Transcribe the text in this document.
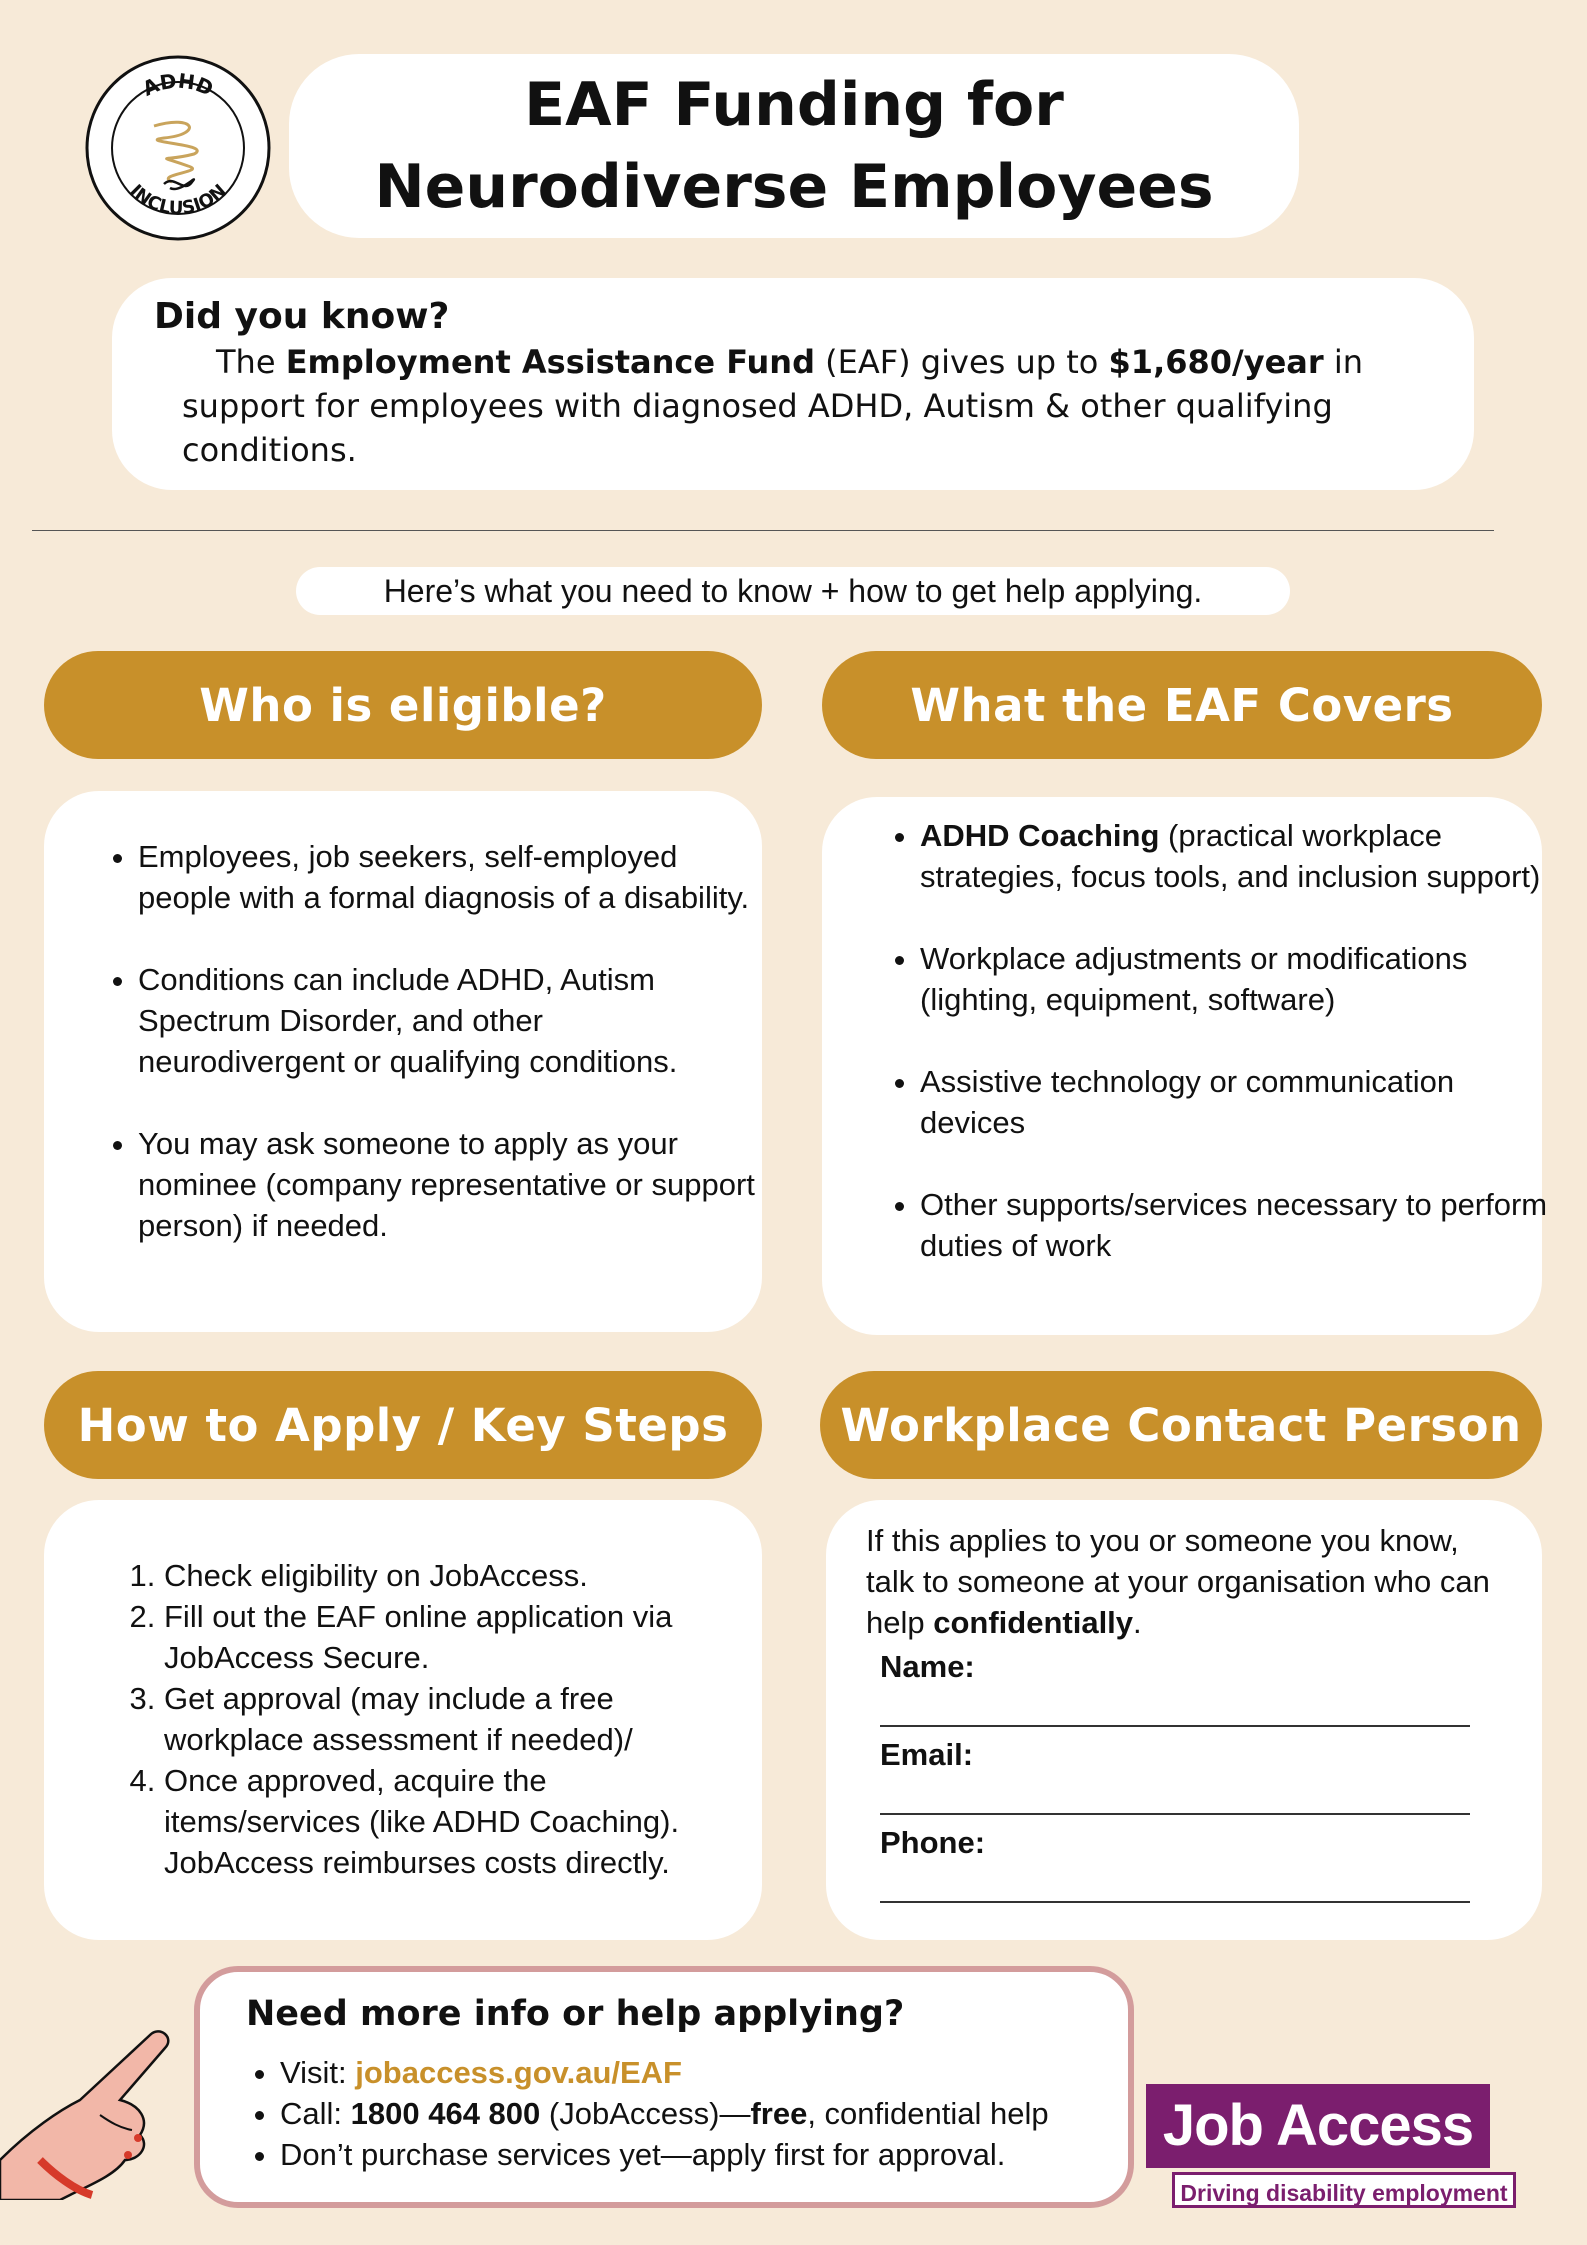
ADHD
INCLUSION
EAF Funding for
Neurodiverse Employees
Did you know?
The Employment Assistance Fund (EAF) gives up to $1,680/year in support for employees with diagnosed ADHD, Autism & other qualifying conditions.
Here’s what you need to know + how to get help applying.
Who is eligible?	What the EAF Covers
• Employees, job seekers, self-employed people with a formal diagnosis of a disability.
• Conditions can include ADHD, Autism Spectrum Disorder, and other neurodivergent or qualifying conditions.
• You may ask someone to apply as your nominee (company representative or support person) if needed.
• ADHD Coaching (practical workplace strategies, focus tools, and inclusion support)
• Workplace adjustments or modifications (lighting, equipment, software)
• Assistive technology or communication devices
• Other supports/services necessary to perform duties of work
How to Apply / Key Steps	Workplace Contact Person
1. Check eligibility on JobAccess.
2. Fill out the EAF online application via JobAccess Secure.
3. Get approval (may include a free workplace assessment if needed)/
4. Once approved, acquire the items/services (like ADHD Coaching). JobAccess reimburses costs directly.
If this applies to you or someone you know, talk to someone at your organisation who can help confidentially.
Name:
Email:
Phone:
Need more info or help applying?
• Visit: jobaccess.gov.au/EAF
• Call: 1800 464 800 (JobAccess)—free, confidential help
• Don’t purchase services yet—apply first for approval.	Job Access
Driving disability employment
